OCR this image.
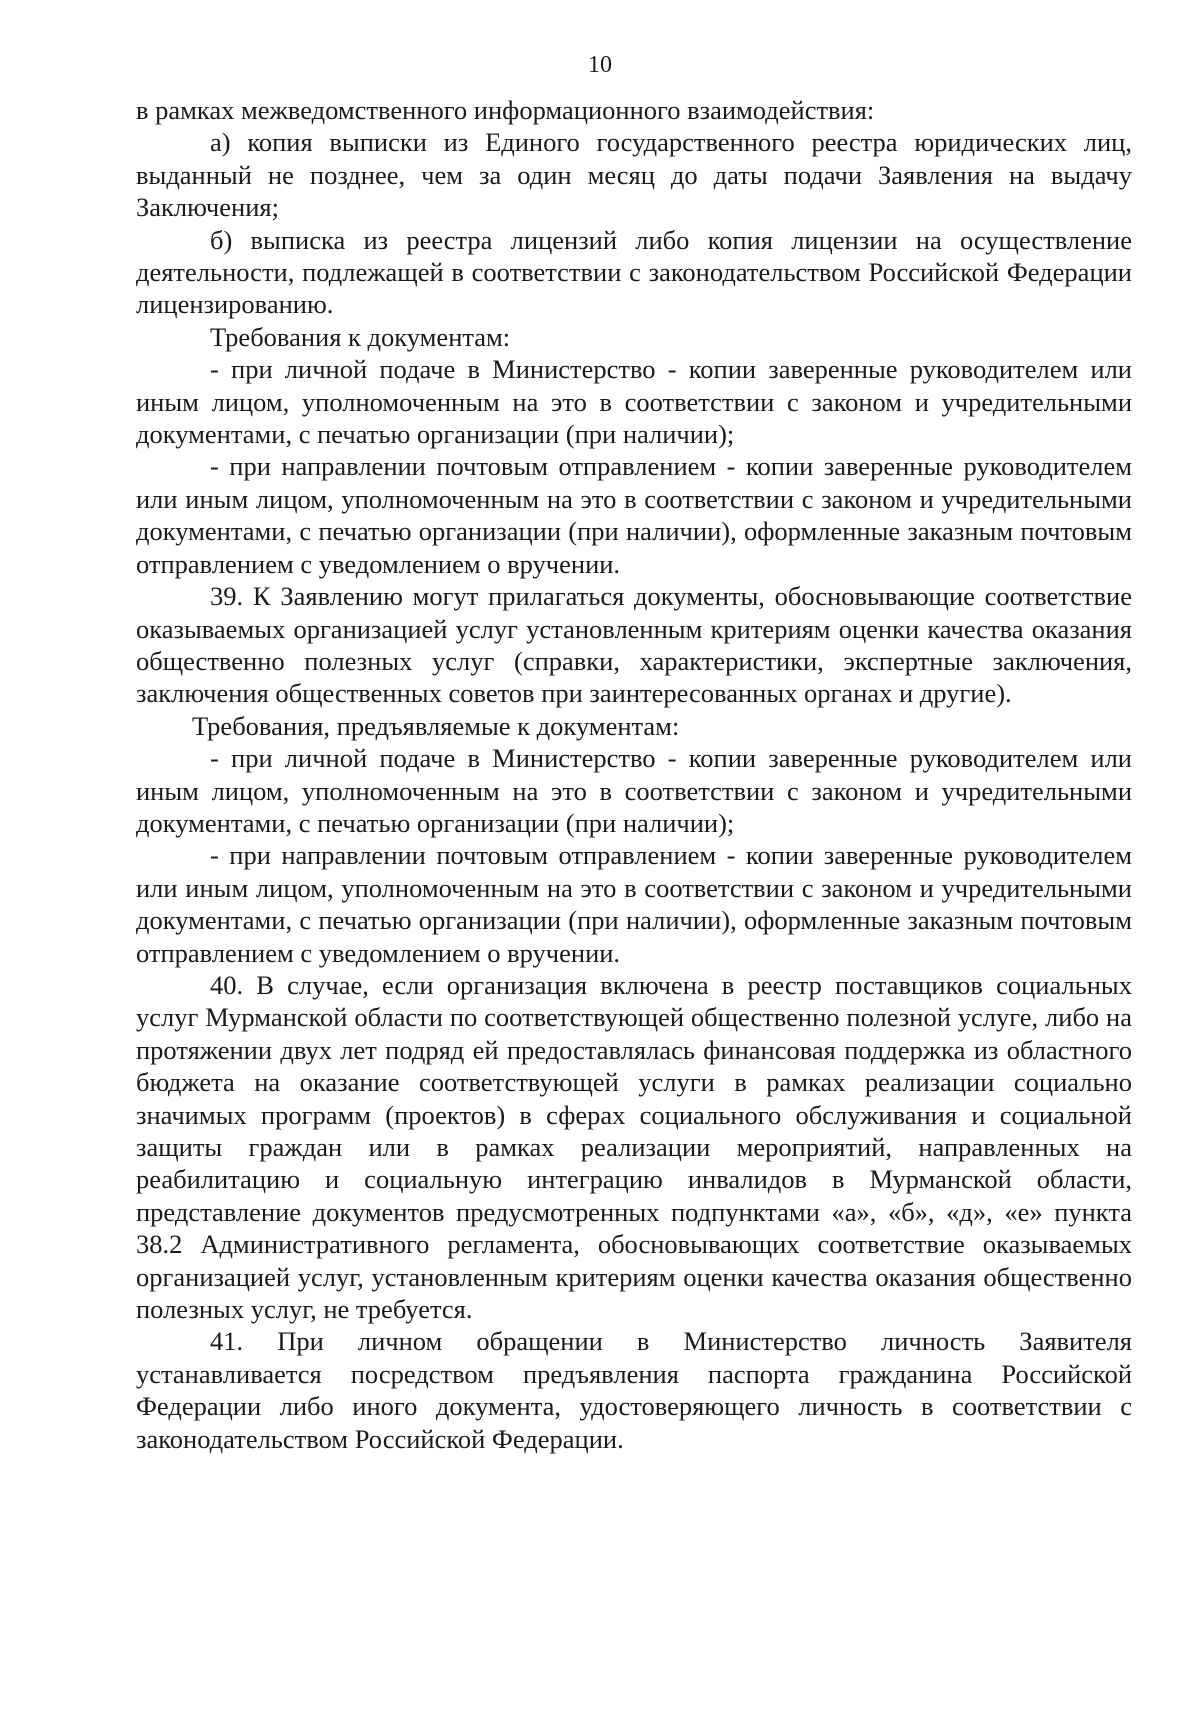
10

в рамках межведомственного информационного взаимодействия:

а) копия выписки из Единого государственного реестра юридических лиц, выданный не позднее, чем за один месяц до даты подачи Заявления на выдачу Заключения;

б) выписка из реестра лицензий либо копия лицензии на осуществление деятельности, подлежащей в соответствии с законодательством Российской Федерации лицензированию.

Требования к документам:

- при личной подаче в Министерство - копии заверенные руководителем или иным лицом, уполномоченным на это в соответствии с законом и учредительными документами, с печатью организации (при наличии);

- при направлении почтовым отправлением - копии заверенные руководителем или иным лицом, уполномоченным на это в соответствии с законом и учредительными документами, с печатью организации (при наличии), оформленные заказным почтовым отправлением с уведомлением о вручении.

39. К Заявлению могут прилагаться документы, обосновывающие соответствие оказываемых организацией услуг установленным критериям оценки качества оказания общественно полезных услуг (справки, характеристики, экспертные заключения, заключения общественных советов при заинтересованных органах и другие).

Требования, предъявляемые к документам:

- при личной подаче в Министерство - копии заверенные руководителем или иным лицом, уполномоченным на это в соответствии с законом и учредительными документами, с печатью организации (при наличии);

- при направлении почтовым отправлением - копии заверенные руководителем или иным лицом, уполномоченным на это в соответствии с законом и учредительными документами, с печатью организации (при наличии), оформленные заказным почтовым отправлением с уведомлением о вручении.

40. В случае, если организация включена в реестр поставщиков социальных услуг Мурманской области по соответствующей общественно полезной услуге, либо на протяжении двух лет подряд ей предоставлялась финансовая поддержка из областного бюджета на оказание соответствующей услуги в рамках реализации социально значимых программ (проектов) в сферах социального обслуживания и социальной защиты граждан или в рамках реализации мероприятий, направленных на реабилитацию и социальную интеграцию инвалидов в Мурманской области, представление документов предусмотренных подпунктами «а», «б», «д», «е» пункта 38.2 Административного регламента, обосновывающих соответствие оказываемых организацией услуг, установленным критериям оценки качества оказания общественно полезных услуг, не требуется.

41. При личном обращении в Министерство личность Заявителя устанавливается посредством предъявления паспорта гражданина Российской Федерации либо иного документа, удостоверяющего личность в соответствии с законодательством Российской Федерации.
